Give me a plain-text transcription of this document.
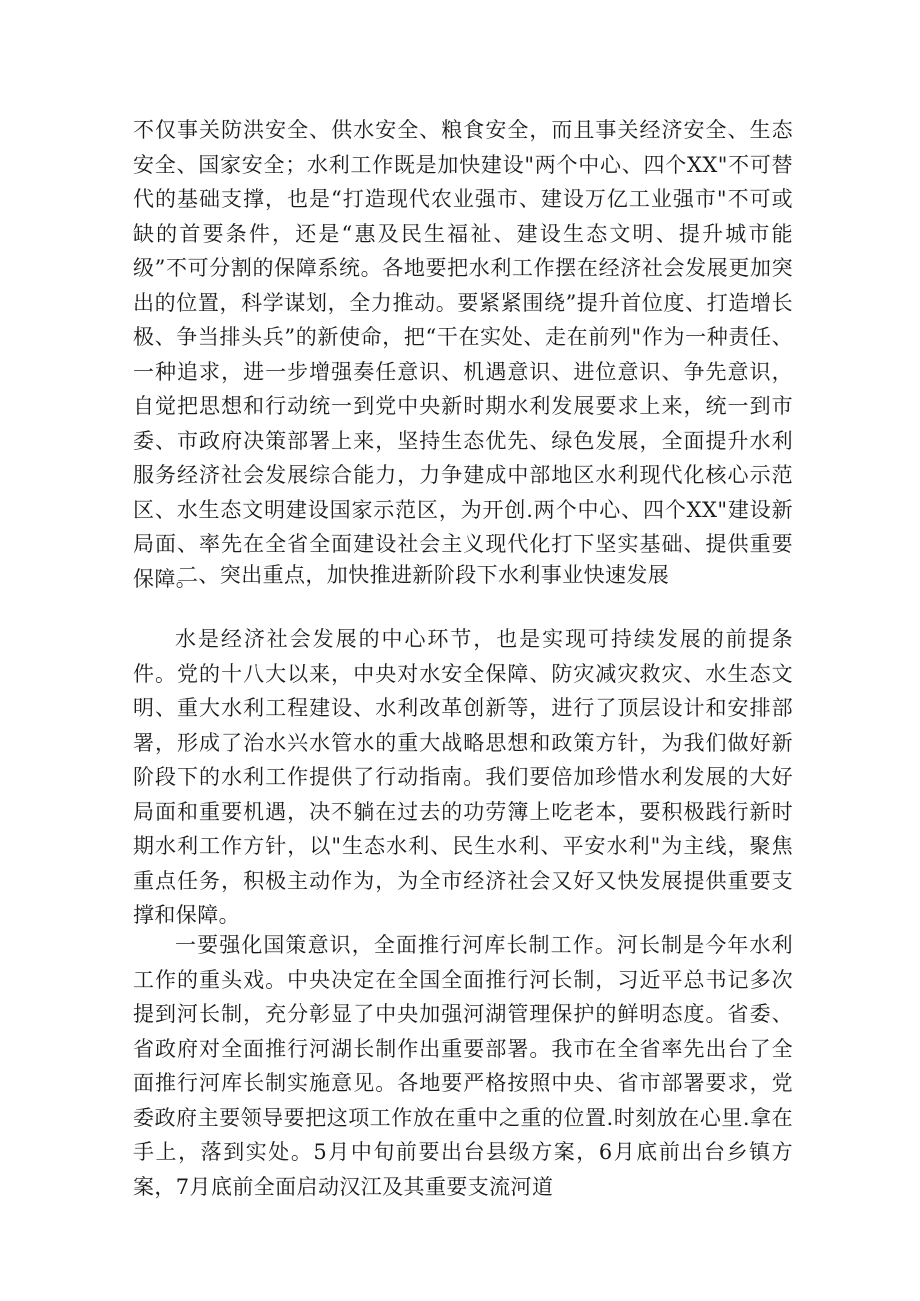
不仅事关防洪安全、供水安全、粮食安全，而且事关经济安全、生态安全、国家安全；水利工作既是加快建设"两个中心、四个XX"不可替代的基础支撑，也是“打造现代农业强市、建设万亿工业强市"不可或缺的首要条件，还是“惠及民生福祉、建设生态文明、提升城市能级”不可分割的保障系统。各地要把水利工作摆在经济社会发展更加突出的位置，科学谋划，全力推动。要紧紧围绕”提升首位度、打造增长极、争当排头兵”的新使命，把“干在实处、走在前列"作为一种责任、一种追求，进一步增强奏任意识、机遇意识、进位意识、争先意识，自觉把思想和行动统一到党中央新时期水利发展要求上来，统一到市委、市政府决策部署上来，坚持生态优先、绿色发展，全面提升水利服务经济社会发展综合能力，力争建成中部地区水利现代化核心示范区、水生态文明建设国家示范区，为开创.两个中心、四个XX"建设新局面、率先在全省全面建设社会主义现代化打下坚实基础、提供重要保障。

二、突出重点，加快推进新阶段下水利事业快速发展

水是经济社会发展的中心环节，也是实现可持续发展的前提条件。党的十八大以来，中央对水安全保障、防灾减灾救灾、水生态文明、重大水利工程建设、水利改革创新等，进行了顶层设计和安排部署，形成了治水兴水管水的重大战略思想和政策方针，为我们做好新阶段下的水利工作提供了行动指南。我们要倍加珍惜水利发展的大好局面和重要机遇，决不躺在过去的功劳簿上吃老本，要积极践行新时期水利工作方针，以"生态水利、民生水利、平安水利"为主线，聚焦重点任务，积极主动作为，为全市经济社会又好又快发展提供重要支撑和保障。

一要强化国策意识，全面推行河库长制工作。河长制是今年水利工作的重头戏。中央决定在全国全面推行河长制，习近平总书记多次提到河长制，充分彰显了中央加强河湖管理保护的鲜明态度。省委、省政府对全面推行河湖长制作出重要部署。我市在全省率先出台了全面推行河库长制实施意见。各地要严格按照中央、省市部署要求，党委政府主要领导要把这项工作放在重中之重的位置.时刻放在心里.拿在手上，落到实处。5月中旬前要出台县级方案，6月底前出台乡镇方案，7月底前全面启动汉江及其重要支流河道
